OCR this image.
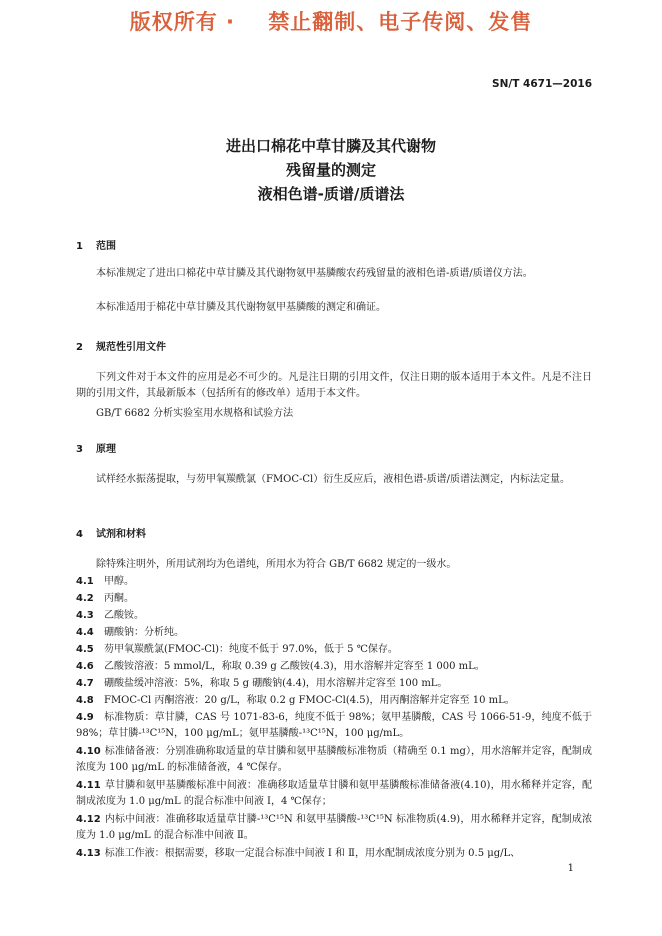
版权所有 ·    禁止翻制、电子传阅、发售
SN/T 4671—2016
进出口棉花中草甘膦及其代谢物
残留量的测定
液相色谱-质谱/质谱法
1 范围
本标准规定了进出口棉花中草甘膦及其代谢物氨甲基膦酸农药残留量的液相色谱-质谱/质谱仪方法。
本标准适用于棉花中草甘膦及其代谢物氨甲基膦酸的测定和确证。
2 规范性引用文件
下列文件对于本文件的应用是必不可少的。凡是注日期的引用文件，仅注日期的版本适用于本文件。凡是不注日期的引用文件，其最新版本（包括所有的修改单）适用于本文件。
GB/T 6682 分析实验室用水规格和试验方法
3 原理
试样经水振荡提取，与芴甲氧羰酰氯（FMOC-Cl）衍生反应后，液相色谱-质谱/质谱法测定，内标法定量。
4 试剂和材料
除特殊注明外，所用试剂均为色谱纯，所用水为符合 GB/T 6682 规定的一级水。
4.1 甲醇。
4.2 丙酮。
4.3 乙酸铵。
4.4 硼酸钠：分析纯。
4.5 芴甲氧羰酰氯(FMOC-Cl)：纯度不低于 97.0%，低于 5 ℃保存。
4.6 乙酸铵溶液：5 mmol/L，称取 0.39 g 乙酸铵(4.3)，用水溶解并定容至 1 000 mL。
4.7 硼酸盐缓冲溶液：5%，称取 5 g 硼酸钠(4.4)，用水溶解并定容至 100 mL。
4.8 FMOC-Cl 丙酮溶液：20 g/L，称取 0.2 g FMOC-Cl(4.5)，用丙酮溶解并定容至 10 mL。
4.9 标准物质：草甘膦，CAS 号 1071-83-6，纯度不低于 98%；氨甲基膦酸，CAS 号 1066-51-9，纯度不低于 98%；草甘膦-¹³C¹⁵N，100 μg/mL；氨甲基膦酸-¹³C¹⁵N，100 μg/mL。
4.10 标准储备液：分别准确称取适量的草甘膦和氨甲基膦酸标准物质（精确至 0.1 mg），用水溶解并定容，配制成浓度为 100 μg/mL 的标准储备液，4 ℃保存。
4.11 草甘膦和氨甲基膦酸标准中间液：准确移取适量草甘膦和氨甲基膦酸标准储备液(4.10)，用水稀释并定容，配制成浓度为 1.0 μg/mL 的混合标准中间液 Ⅰ，4 ℃保存；
4.12 内标中间液：准确移取适量草甘膦-¹³C¹⁵N 和氨甲基膦酸-¹³C¹⁵N 标准物质(4.9)，用水稀释并定容，配制成浓度为 1.0 μg/mL 的混合标准中间液 Ⅱ。
4.13 标准工作液：根据需要，移取一定混合标准中间液 Ⅰ 和 Ⅱ，用水配制成浓度分别为 0.5 μg/L、
1
